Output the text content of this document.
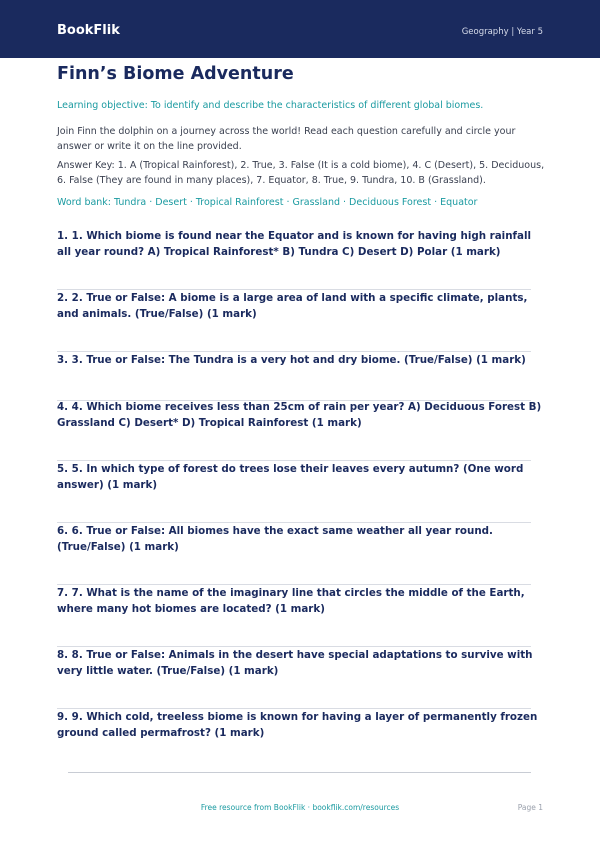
BookFlik	Geography | Year 5
Finn’s Biome Adventure
Learning objective: To identify and describe the characteristics of different global biomes.
Join Finn the dolphin on a journey across the world! Read each question carefully and circle your answer or write it on the line provided.
Answer Key: 1. A (Tropical Rainforest), 2. True, 3. False (It is a cold biome), 4. C (Desert), 5. Deciduous, 6. False (They are found in many places), 7. Equator, 8. True, 9. Tundra, 10. B (Grassland).
Word bank: Tundra · Desert · Tropical Rainforest · Grassland · Deciduous Forest · Equator
1. 1. Which biome is found near the Equator and is known for having high rainfall all year round? A) Tropical Rainforest* B) Tundra C) Desert D) Polar (1 mark)
2. 2. True or False: A biome is a large area of land with a specific climate, plants, and animals. (True/False) (1 mark)
3. 3. True or False: The Tundra is a very hot and dry biome. (True/False) (1 mark)
4. 4. Which biome receives less than 25cm of rain per year? A) Deciduous Forest B) Grassland C) Desert* D) Tropical Rainforest (1 mark)
5. 5. In which type of forest do trees lose their leaves every autumn? (One word answer) (1 mark)
6. 6. True or False: All biomes have the exact same weather all year round. (True/False) (1 mark)
7. 7. What is the name of the imaginary line that circles the middle of the Earth, where many hot biomes are located? (1 mark)
8. 8. True or False: Animals in the desert have special adaptations to survive with very little water. (True/False) (1 mark)
9. 9. Which cold, treeless biome is known for having a layer of permanently frozen ground called permafrost? (1 mark)
Free resource from BookFlik · bookflik.com/resources	Page 1
